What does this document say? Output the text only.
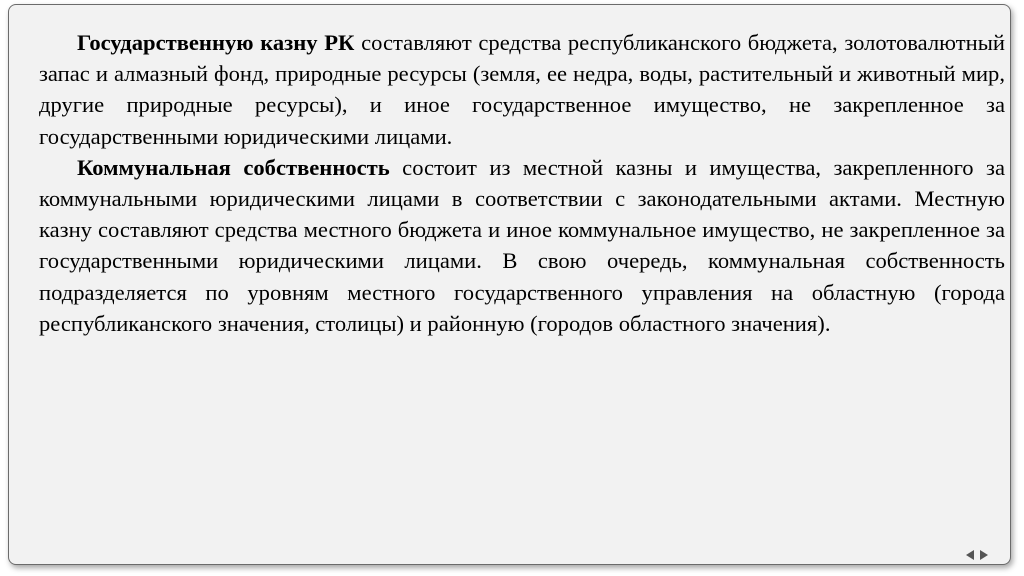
Государственную казну РК составляют средства республиканского бюджета, золотовалютный запас и алмазный фонд, природные ресурсы (земля, ее недра, воды, растительный и животный мир, другие природные ресурсы), и иное государственное имущество, не закрепленное за государственными юридическими лицами.

Коммунальная собственность состоит из местной казны и имущества, закрепленного за коммунальными юридическими лицами в соответствии с законодательными актами. Местную казну составляют средства местного бюджета и иное коммунальное имущество, не закрепленное за государственными юридическими лицами. В свою очередь, коммунальная собственность подразделяется по уровням местного государственного управления на областную (города республиканского значения, столицы) и районную (городов областного значения).
